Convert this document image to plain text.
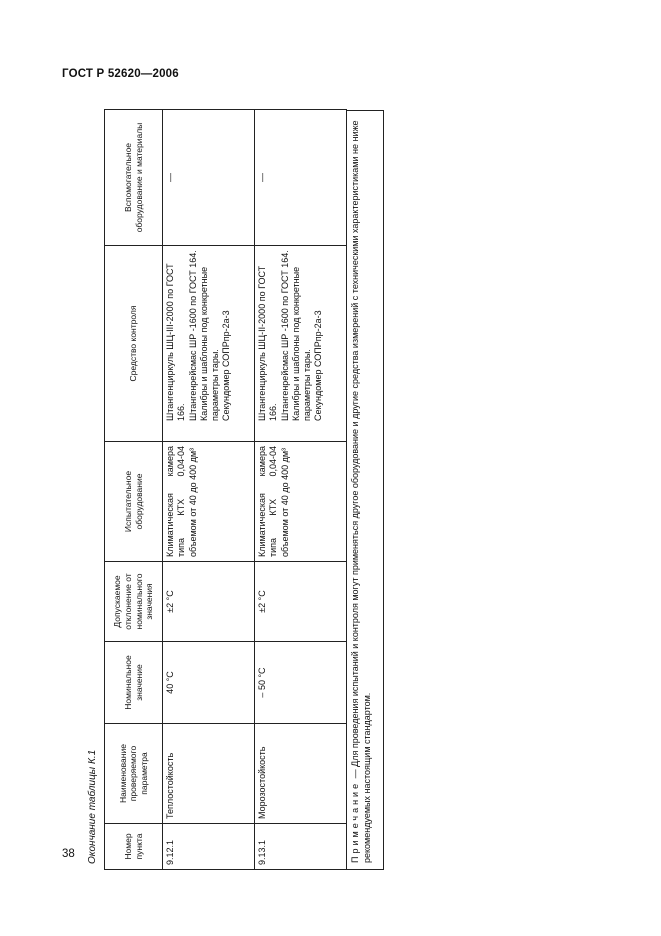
ГОСТ Р 52620—2006
Окончание таблицы К.1	Номер пункта	Наименование проверяемого параметра	Номинальное значение	Допускаемое отклонение от номинального значения	Испытательное оборудование	Средство контроля	Вспомогательное оборудование и материалы
9.12.1	Теплостойкость	40 °С	±2 °С	Климатическая камера типа КТХ 0,04-04 объемом от 40 до 400 дм³	Штангенциркуль ШЦ-III-2000 по ГОСТ 166. Штангенрейсмас ШР -1600 по ГОСТ 164. Калибры и шаблоны под конкретные параметры тары. Секундомер СОПРпр-2а-3	—
9.13.1	Морозостойкость	– 50 °С	±2 °С	Климатическая камера типа КТХ 0,04-04 объемом от 40 до 400 дм³	Штангенциркуль ШЦ-II-2000 по ГОСТ 166. Штангенрейсмас ШР -1600 по ГОСТ 164. Калибры и шаблоны под конкретные параметры тары. Секундомер СОПРпр-2а-3	—
Примечание — Для проведения испытаний и контроля могут применяться другое оборудование и другие средства измерений с техническими характеристиками не ниже рекомендуемых настоящим стандартом.
38
